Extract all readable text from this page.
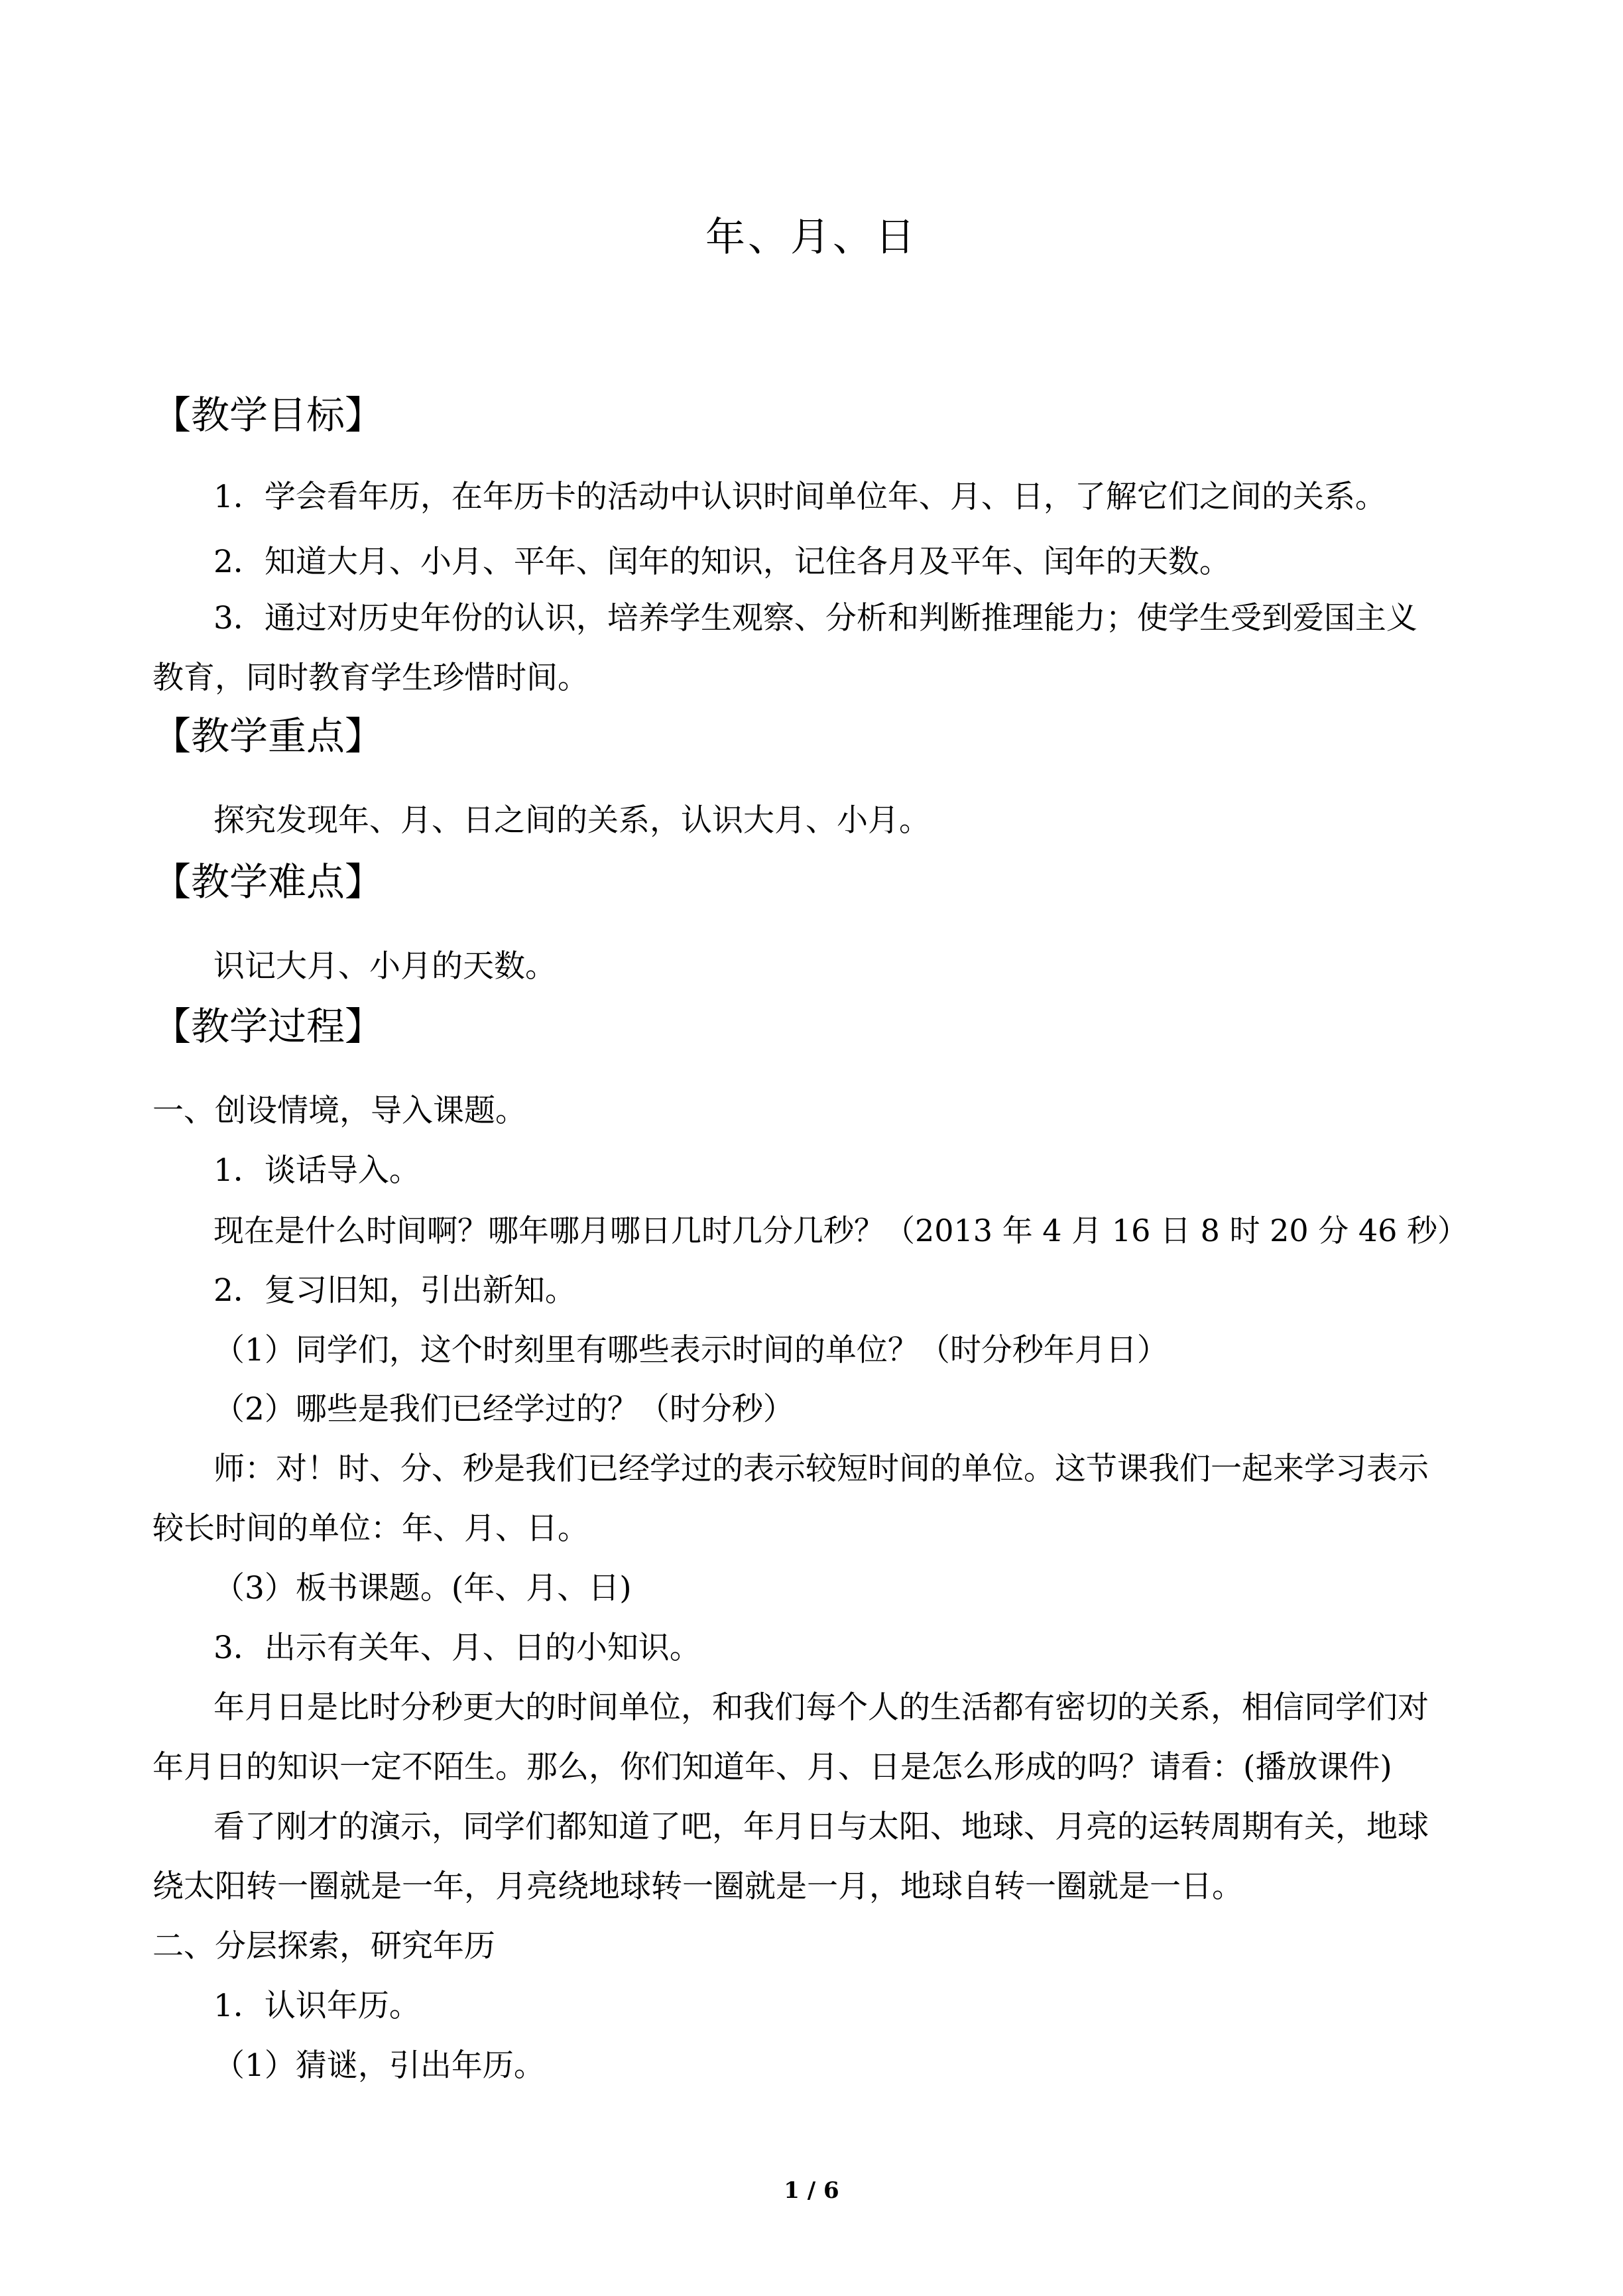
年、月、日
【教学目标】
1．学会看年历，在年历卡的活动中认识时间单位年、月、日，了解它们之间的关系。
2．知道大月、小月、平年、闰年的知识，记住各月及平年、闰年的天数。
3．通过对历史年份的认识，培养学生观察、分析和判断推理能力；使学生受到爱国主义
教育，同时教育学生珍惜时间。
【教学重点】
探究发现年、月、日之间的关系，认识大月、小月。
【教学难点】
识记大月、小月的天数。
【教学过程】
一、创设情境，导入课题。
1．谈话导入。
现在是什么时间啊？哪年哪月哪日几时几分几秒？（2013 年 4 月 16 日 8 时 20 分 46 秒）
2．复习旧知，引出新知。
（1）同学们，这个时刻里有哪些表示时间的单位？（时分秒年月日）
（2）哪些是我们已经学过的？（时分秒）
师：对！时、分、秒是我们已经学过的表示较短时间的单位。这节课我们一起来学习表示
较长时间的单位：年、月、日。
（3）板书课题。(年、月、日)
3．出示有关年、月、日的小知识。
年月日是比时分秒更大的时间单位，和我们每个人的生活都有密切的关系，相信同学们对
年月日的知识一定不陌生。那么，你们知道年、月、日是怎么形成的吗？请看：(播放课件)
看了刚才的演示，同学们都知道了吧，年月日与太阳、地球、月亮的运转周期有关，地球
绕太阳转一圈就是一年，月亮绕地球转一圈就是一月，地球自转一圈就是一日。
二、分层探索，研究年历
1．认识年历。
（1）猜谜，引出年历。
1 / 6
